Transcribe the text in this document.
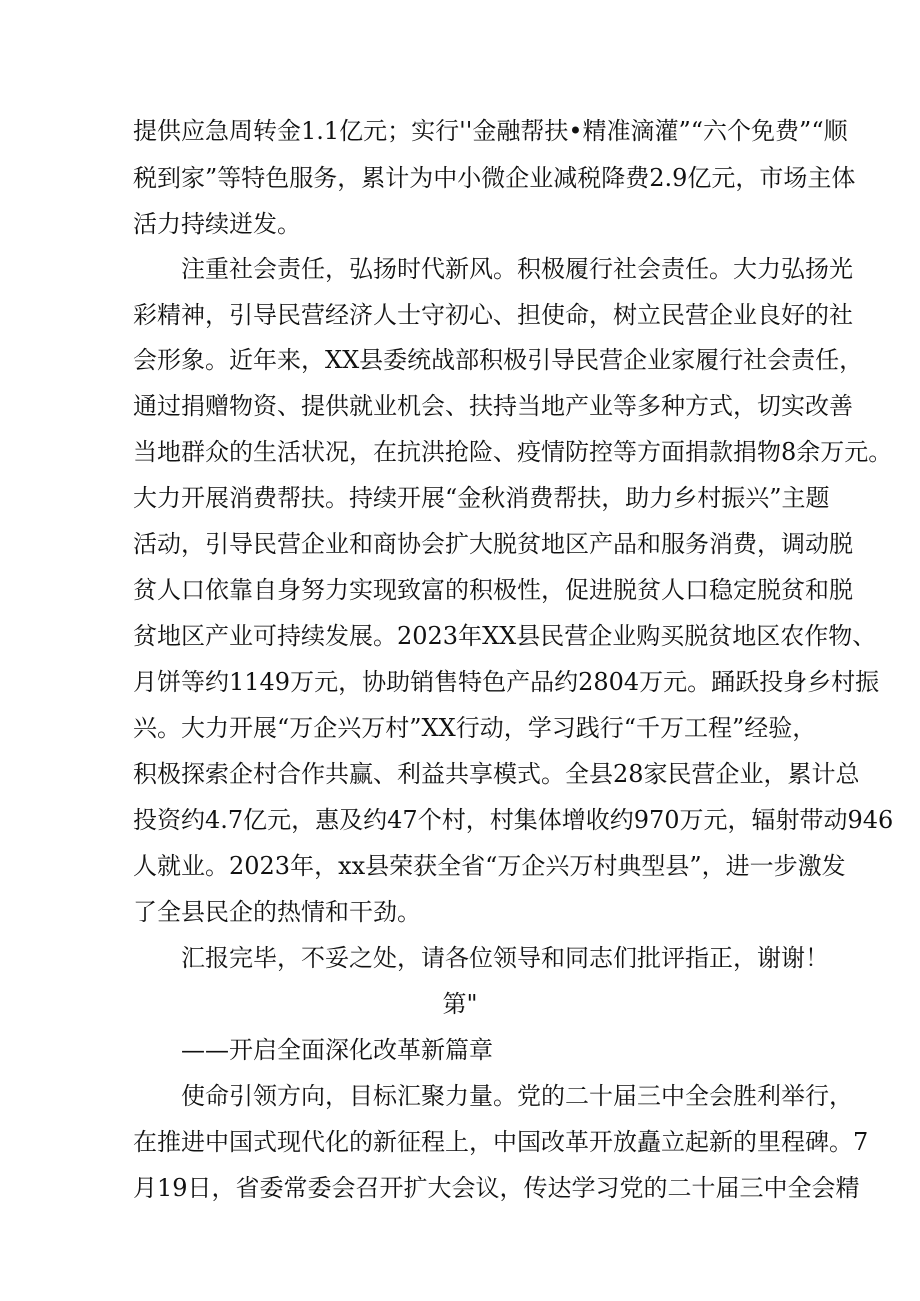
提供应急周转金1.1亿元；实行''金融帮扶•精准滴灌”“六个免费”“顺
税到家”等特色服务，累计为中小微企业减税降费2.9亿元，市场主体
活力持续迸发。
注重社会责任，弘扬时代新风。积极履行社会责任。大力弘扬光
彩精神，引导民营经济人士守初心、担使命，树立民营企业良好的社
会形象。近年来，XX县委统战部积极引导民营企业家履行社会责任，
通过捐赠物资、提供就业机会、扶持当地产业等多种方式，切实改善
当地群众的生活状况，在抗洪抢险、疫情防控等方面捐款捐物8余万元。
大力开展消费帮扶。持续开展“金秋消费帮扶，助力乡村振兴”主题
活动，引导民营企业和商协会扩大脱贫地区产品和服务消费，调动脱
贫人口依靠自身努力实现致富的积极性，促进脱贫人口稳定脱贫和脱
贫地区产业可持续发展。2023年XX县民营企业购买脱贫地区农作物、
月饼等约1149万元，协助销售特色产品约2804万元。踊跃投身乡村振
兴。大力开展“万企兴万村”XX行动，学习践行“千万工程”经验，
积极探索企村合作共赢、利益共享模式。全县28家民营企业，累计总
投资约4.7亿元，惠及约47个村，村集体增收约970万元，辐射带动946
人就业。2023年，xx县荣获全省“万企兴万村典型县”，进一步激发
了全县民企的热情和干劲。
汇报完毕，不妥之处，请各位领导和同志们批评指正，谢谢！
第"
——开启全面深化改革新篇章
使命引领方向，目标汇聚力量。党的二十届三中全会胜利举行，
在推进中国式现代化的新征程上，中国改革开放矗立起新的里程碑。7
月19日，省委常委会召开扩大会议，传达学习党的二十届三中全会精
